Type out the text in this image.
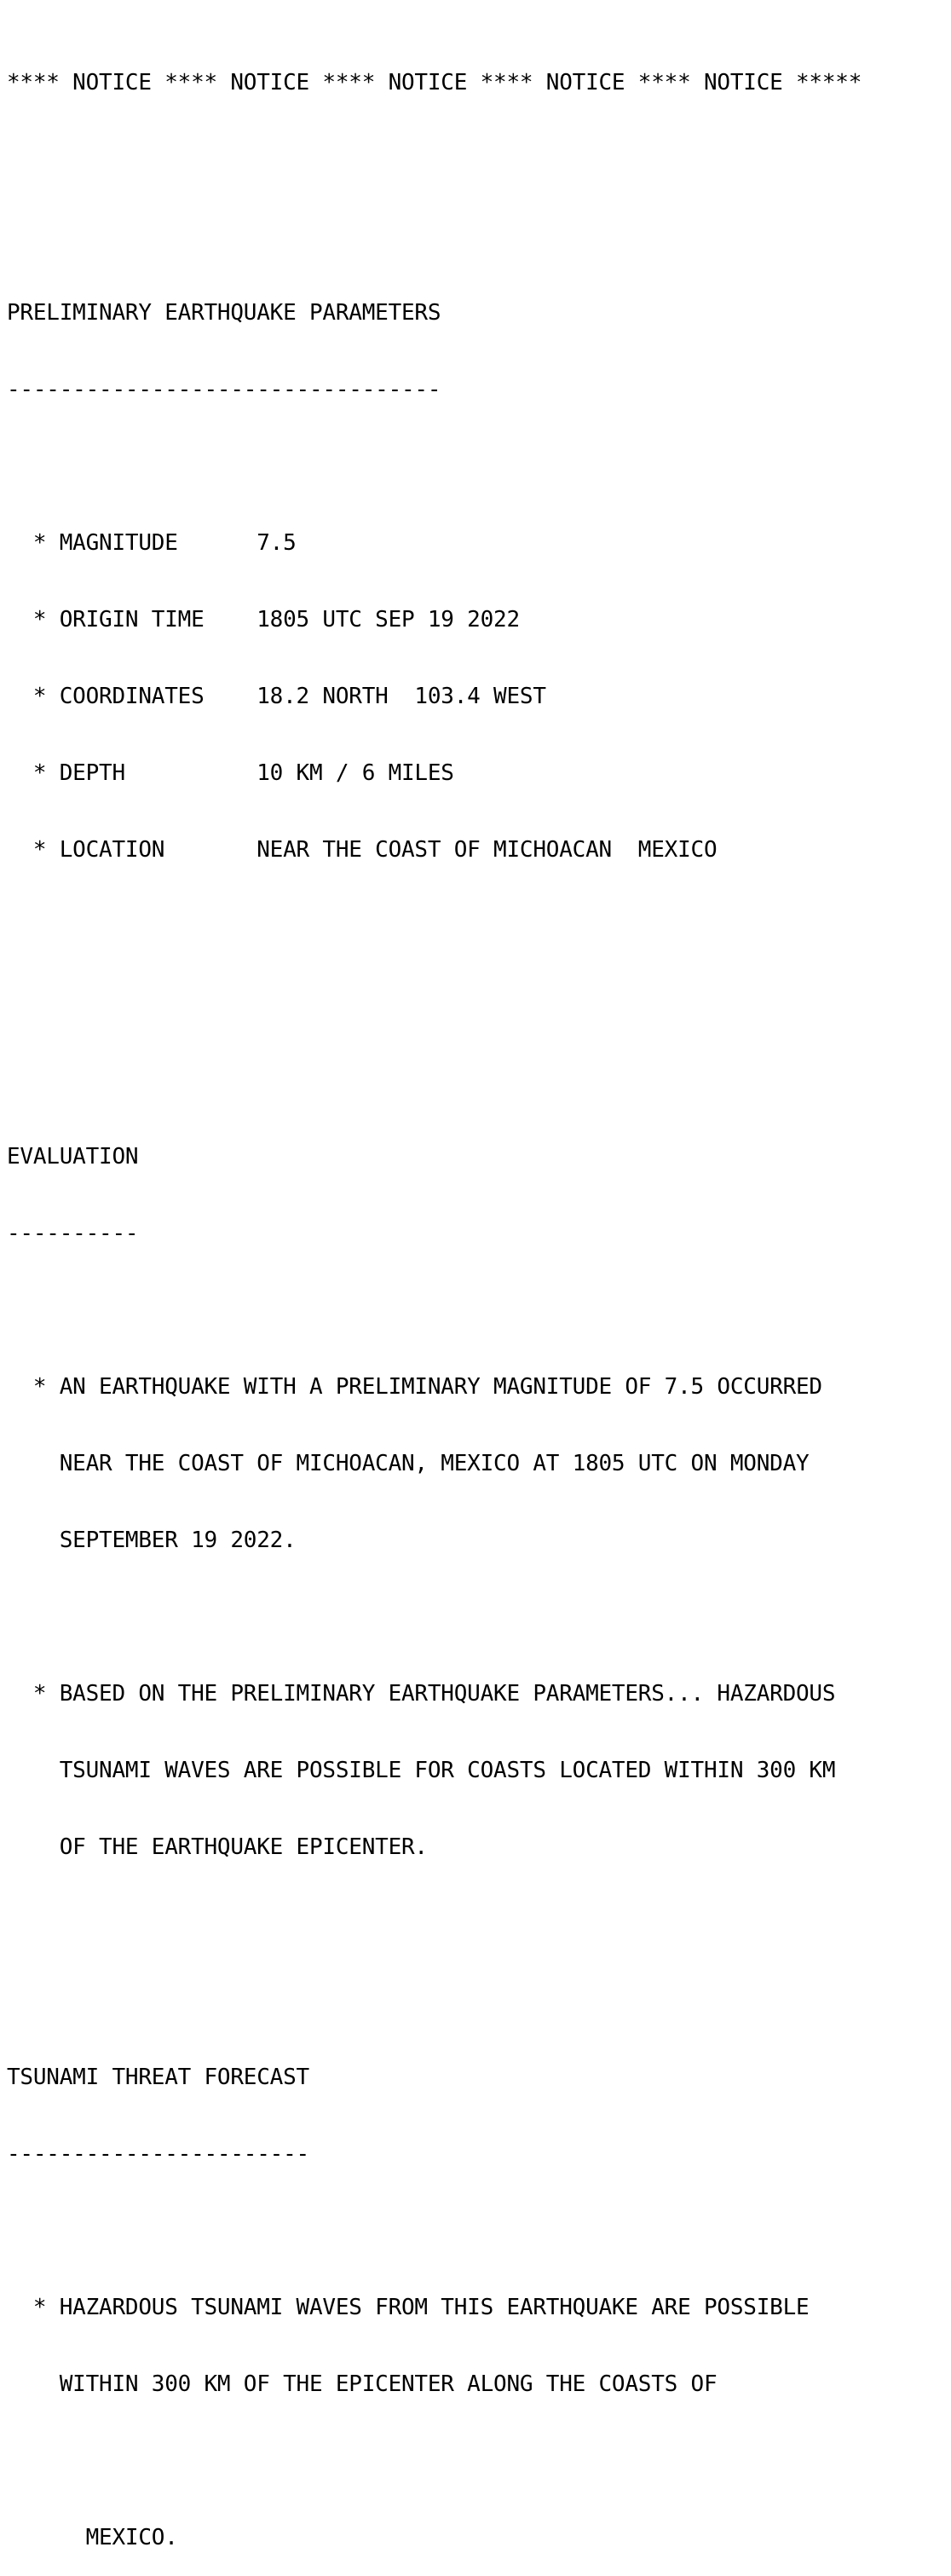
**** NOTICE **** NOTICE **** NOTICE **** NOTICE **** NOTICE *****

PRELIMINARY EARTHQUAKE PARAMETERS

---------------------------------

* MAGNITUDE      7.5

* ORIGIN TIME    1805 UTC SEP 19 2022

* COORDINATES    18.2 NORTH  103.4 WEST

* DEPTH          10 KM / 6 MILES

* LOCATION       NEAR THE COAST OF MICHOACAN  MEXICO

EVALUATION

----------

* AN EARTHQUAKE WITH A PRELIMINARY MAGNITUDE OF 7.5 OCCURRED

NEAR THE COAST OF MICHOACAN, MEXICO AT 1805 UTC ON MONDAY

SEPTEMBER 19 2022.

* BASED ON THE PRELIMINARY EARTHQUAKE PARAMETERS... HAZARDOUS

TSUNAMI WAVES ARE POSSIBLE FOR COASTS LOCATED WITHIN 300 KM

OF THE EARTHQUAKE EPICENTER.

TSUNAMI THREAT FORECAST

-----------------------

* HAZARDOUS TSUNAMI WAVES FROM THIS EARTHQUAKE ARE POSSIBLE

WITHIN 300 KM OF THE EPICENTER ALONG THE COASTS OF

MEXICO.
